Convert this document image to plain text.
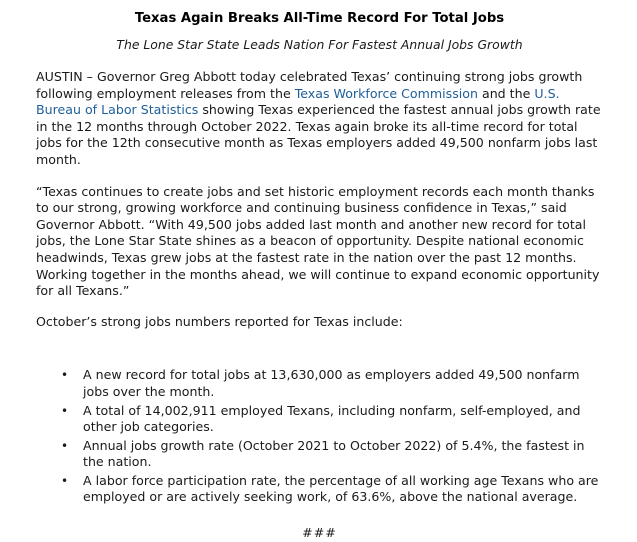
Texas Again Breaks All-Time Record For Total Jobs

The Lone Star State Leads Nation For Fastest Annual Jobs Growth

AUSTIN – Governor Greg Abbott today celebrated Texas’ continuing strong jobs growth following employment releases from the Texas Workforce Commission and the U.S. Bureau of Labor Statistics showing Texas experienced the fastest annual jobs growth rate in the 12 months through October 2022. Texas again broke its all-time record for total jobs for the 12th consecutive month as Texas employers added 49,500 nonfarm jobs last month.

“Texas continues to create jobs and set historic employment records each month thanks to our strong, growing workforce and continuing business confidence in Texas,” said Governor Abbott. “With 49,500 jobs added last month and another new record for total jobs, the Lone Star State shines as a beacon of opportunity. Despite national economic headwinds, Texas grew jobs at the fastest rate in the nation over the past 12 months. Working together in the months ahead, we will continue to expand economic opportunity for all Texans.”

October’s strong jobs numbers reported for Texas include:

• A new record for total jobs at 13,630,000 as employers added 49,500 nonfarm jobs over the month.
• A total of 14,002,911 employed Texans, including nonfarm, self-employed, and other job categories.
• Annual jobs growth rate (October 2021 to October 2022) of 5.4%, the fastest in the nation.
• A labor force participation rate, the percentage of all working age Texans who are employed or are actively seeking work, of 63.6%, above the national average.

###
